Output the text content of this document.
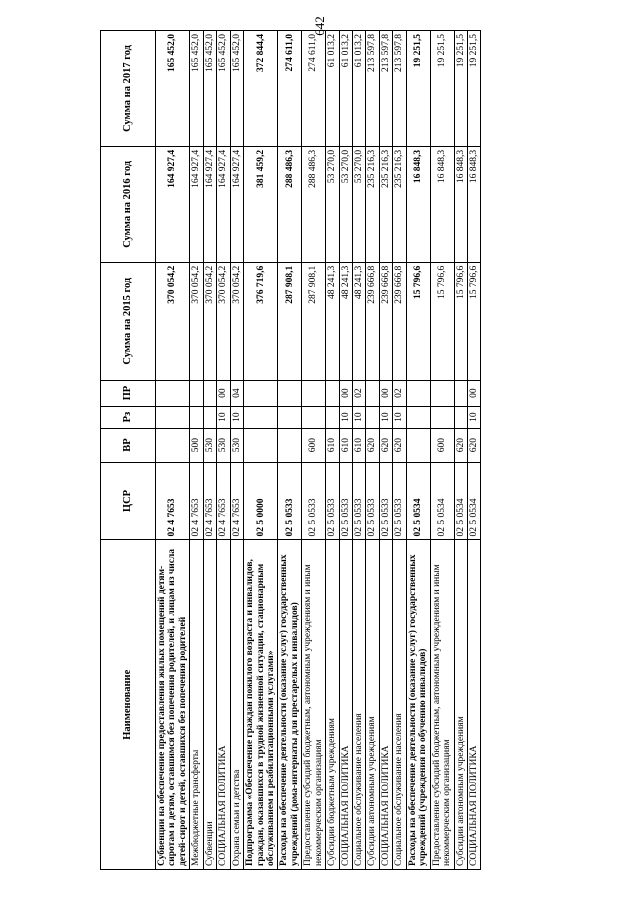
642
Наименование	ЦСР	ВР	Рз	ПР	Сумма на 2015 год	Сумма на 2016 год	Сумма на 2017 год
Субвенции на обеспечение предоставления жилых помещений детям-сиротам и детям, оставшимся без попечения родителей, и лицам из числа детей-сирот и детей, оставшихся без попечения родителей	02 4 7653				370 054,2	164 927,4	165 452,0
Межбюджетные трансферты	02 4 7653	500			370 054,2	164 927,4	165 452,0
Субвенции	02 4 7653	530			370 054,2	164 927,4	165 452,0
СОЦИАЛЬНАЯ ПОЛИТИКА	02 4 7653	530	10	00	370 054,2	164 927,4	165 452,0
Охрана семьи и детства	02 4 7653	530	10	04	370 054,2	164 927,4	165 452,0
Подпрограмма «Обеспечение граждан пожилого возраста и инвалидов, граждан, оказавшихся в трудной жизненной ситуации, стационарным обслуживанием и реабилитационными услугами»	02 5 0000				376 719,6	381 459,2	372 844,4
Расходы на обеспечение деятельности (оказание услуг) государственных учреждений (дома-интернаты для престарелых и инвалидов)	02 5 0533				287 908,1	288 486,3	274 611,0
Предоставление субсидий бюджетным, автономным учреждениям и иным некоммерческим организациям	02 5 0533	600			287 908,1	288 486,3	274 611,0
Субсидии бюджетным учреждениям	02 5 0533	610			48 241,3	53 270,0	61 013,2
СОЦИАЛЬНАЯ ПОЛИТИКА	02 5 0533	610	10	00	48 241,3	53 270,0	61 013,2
Социальное обслуживание населения	02 5 0533	610	10	02	48 241,3	53 270,0	61 013,2
Субсидии автономным учреждениям	02 5 0533	620			239 666,8	235 216,3	213 597,8
СОЦИАЛЬНАЯ ПОЛИТИКА	02 5 0533	620	10	00	239 666,8	235 216,3	213 597,8
Социальное обслуживание населения	02 5 0533	620	10	02	239 666,8	235 216,3	213 597,8
Расходы на обеспечение деятельности (оказание услуг) государственных учреждений (учреждения по обучению инвалидов)	02 5 0534				15 796,6	16 848,3	19 251,5
Предоставление субсидий бюджетным, автономным учреждениям и иным некоммерческим организациям	02 5 0534	600			15 796,6	16 848,3	19 251,5
Субсидии автономным учреждениям	02 5 0534	620			15 796,6	16 848,3	19 251,5
СОЦИАЛЬНАЯ ПОЛИТИКА	02 5 0534	620	10	00	15 796,6	16 848,3	19 251,5
